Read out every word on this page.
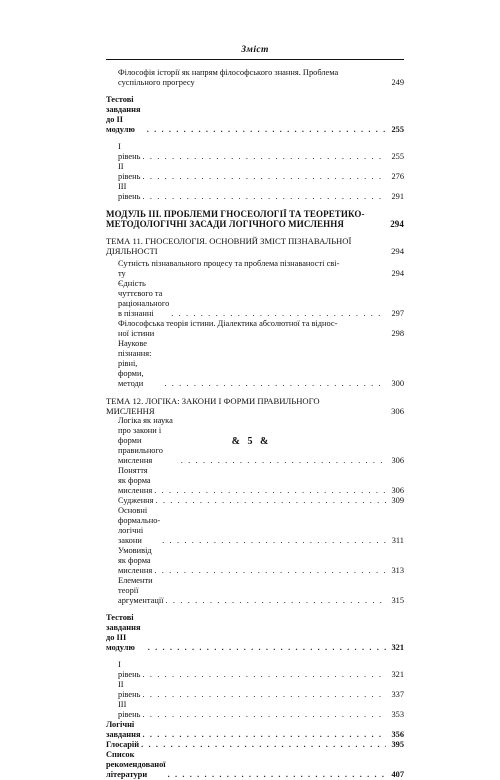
Зміст
Філософія історії як напрям філософського знання. Проблема
суспільного прогресу	249
Тестові завдання до ІІ модулю . . .	255
І рівень . . .	255
ІІ рівень . . .	276
ІІІ рівень . . .	291
МОДУЛЬ ІІІ. ПРОБЛЕМИ ГНОСЕОЛОГІЇ ТА ТЕОРЕТИКО-
МЕТОДОЛОГІЧНІ ЗАСАДИ ЛОГІЧНОГО МИСЛЕННЯ	294
ТЕМА 11. ГНОСЕОЛОГІЯ. ОСНОВНИЙ ЗМІСТ ПІЗНАВАЛЬНОЇ
ДІЯЛЬНОСТІ	294
Сутність пізнавального процесу та проблема пізнаваності сві-
ту	294
Єдність чуттєвого та раціонального в пізнанні . . .	297
Філософська теорія істини. Діалектика абсолютної та віднос-
ної істини	298
Наукове пізнання: рівні, форми, методи . . .	300
ТЕМА 12. ЛОГІКА: ЗАКОНИ І ФОРМИ ПРАВИЛЬНОГО
МИСЛЕННЯ	306
Логіка як наука про закони і форми правильного мислення . . .	306
Поняття як форма мислення . . .	306
Судження . . .	309
Основні формально-логічні закони . . .	311
Умовивід як форма мислення . . .	313
Елементи теорії аргументації . . .	315
Тестові завдання до ІІІ модулю . . .	321
І рівень . . .	321
ІІ рівень . . .	337
ІІІ рівень . . .	353
Логічні завдання . . .	356
Глосарій . . .	395
Список рекомендованої літератури . . .	407
& 5 &
